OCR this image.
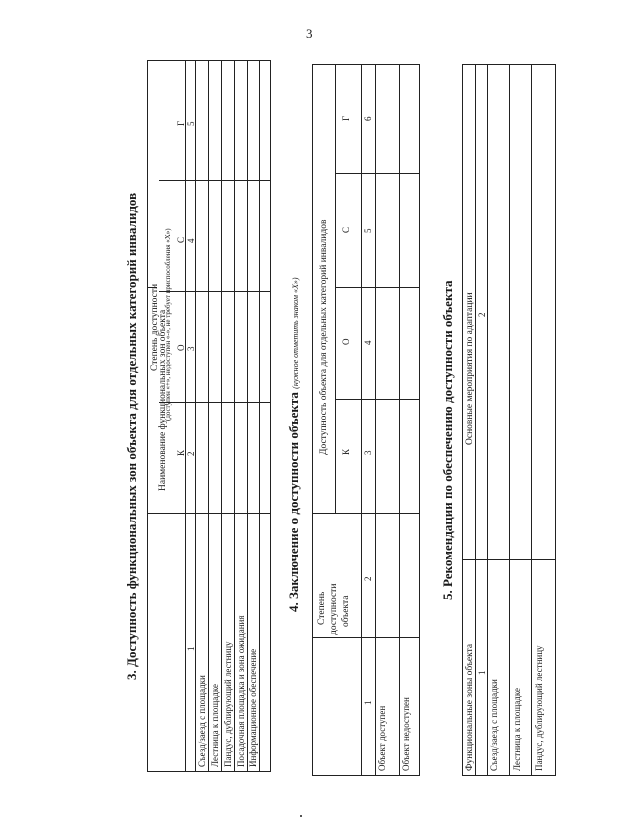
3
3. Доступность функциональных зон объекта для отдельных категорий инвалидов Наименование функциональных зон объекта
Степень доступности (доступен «+», недоступен «-», не требует приспособления «Х»)
К
О
С
Г
1
2
3
4
5
Съезд/заезд с площадки Лестница к площадке Пандус, дублирующий лестницу Посадочная площадка и зона ожидания Информационное обеспечение
4. Заключение о доступности объекта (нужное отметить знаком «Х»)
Степень доступности объекта
Доступность объекта для отдельных категорий инвалидов К
О
С
Г
1
2
3
4
5
6
Объект доступен Объект недоступен
5. Рекомендации по обеспечению доступности объекта
Функциональные зоны объекта
Основные мероприятия по адаптации
1
2
Съезд/заезд с площадки Лестница к площадке Пандус, дублирующий лестницу
